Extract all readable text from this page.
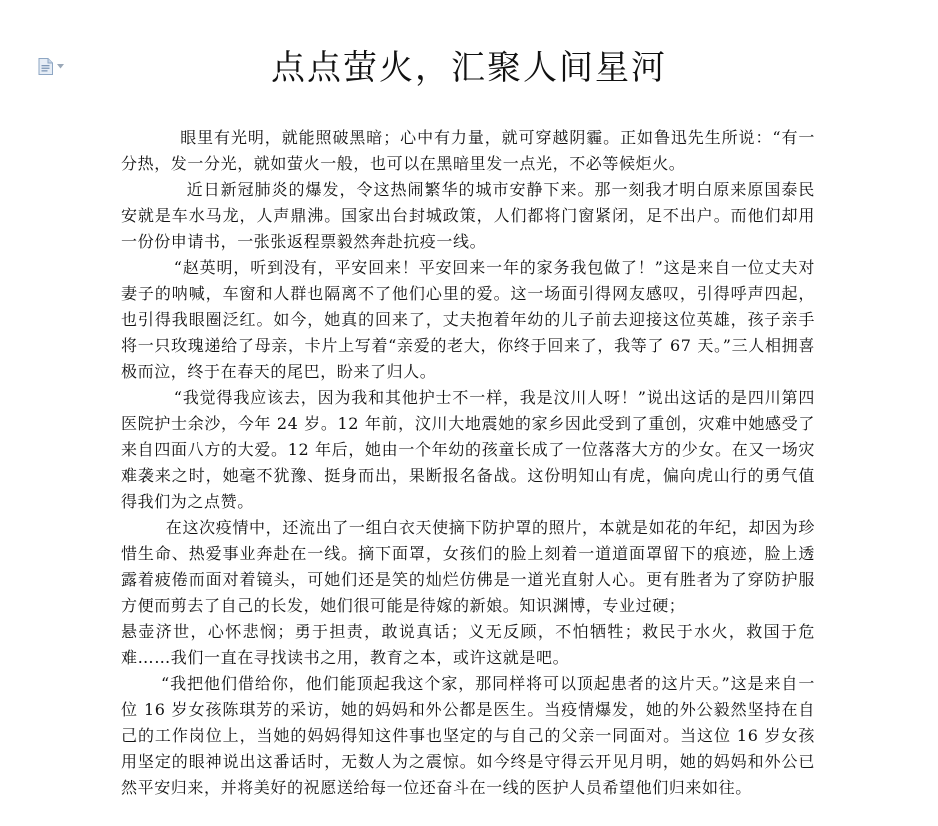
点点萤火，汇聚人间星河

眼里有光明，就能照破黑暗；心中有力量，就可穿越阴霾。正如鲁迅先生所说：“有一分热，发一分光，就如萤火一般，也可以在黑暗里发一点光，不必等候炬火。

近日新冠肺炎的爆发，令这热闹繁华的城市安静下来。那一刻我才明白原来原国泰民安就是车水马龙，人声鼎沸。国家出台封城政策，人们都将门窗紧闭，足不出户。而他们却用一份份申请书，一张张返程票毅然奔赴抗疫一线。

“赵英明，听到没有，平安回来！平安回来一年的家务我包做了！”这是来自一位丈夫对妻子的呐喊，车窗和人群也隔离不了他们心里的爱。这一场面引得网友感叹，引得呼声四起，也引得我眼圈泛红。如今，她真的回来了，丈夫抱着年幼的儿子前去迎接这位英雄，孩子亲手将一只玫瑰递给了母亲，卡片上写着“亲爱的老大，你终于回来了，我等了 67 天。”三人相拥喜极而泣，终于在春天的尾巴，盼来了归人。

“我觉得我应该去，因为我和其他护士不一样，我是汶川人呀！”说出这话的是四川第四医院护士余沙，今年 24 岁。12 年前，汶川大地震她的家乡因此受到了重创，灾难中她感受了来自四面八方的大爱。12 年后，她由一个年幼的孩童长成了一位落落大方的少女。在又一场灾难袭来之时，她毫不犹豫、挺身而出，果断报名备战。这份明知山有虎，偏向虎山行的勇气值得我们为之点赞。

在这次疫情中，还流出了一组白衣天使摘下防护罩的照片，本就是如花的年纪，却因为珍惜生命、热爱事业奔赴在一线。摘下面罩，女孩们的脸上刻着一道道面罩留下的痕迹，脸上透露着疲倦而面对着镜头，可她们还是笑的灿烂仿佛是一道光直射人心。更有胜者为了穿防护服方便而剪去了自己的长发，她们很可能是待嫁的新娘。知识渊博，专业过硬；

悬壶济世，心怀悲悯；勇于担责，敢说真话；义无反顾，不怕牺牲；救民于水火，救国于危难……我们一直在寻找读书之用，教育之本，或许这就是吧。

“我把他们借给你，他们能顶起我这个家，那同样将可以顶起患者的这片天。”这是来自一位 16 岁女孩陈琪芳的采访，她的妈妈和外公都是医生。当疫情爆发，她的外公毅然坚持在自己的工作岗位上，当她的妈妈得知这件事也坚定的与自己的父亲一同面对。当这位 16 岁女孩用坚定的眼神说出这番话时，无数人为之震惊。如今终是守得云开见月明，她的妈妈和外公已然平安归来，并将美好的祝愿送给每一位还奋斗在一线的医护人员希望他们归来如往。
